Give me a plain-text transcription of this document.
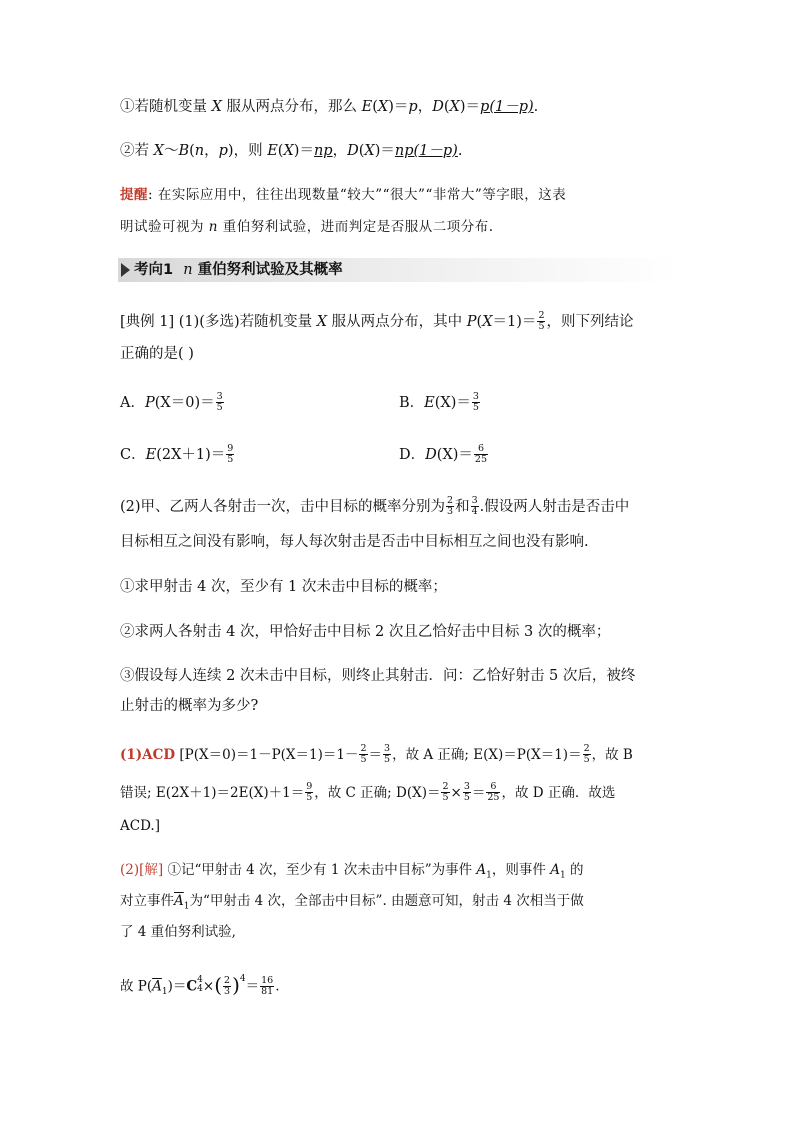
①若随机变量 X 服从两点分布，那么 E(X)＝p，D(X)＝p(1－p).
②若 X～B(n，p)，则 E(X)＝np，D(X)＝np(1－p).
提醒: 在实际应用中，往往出现数量“较大”“很大”“非常大”等字眼，这表
明试验可视为 n 重伯努利试验，进而判定是否服从二项分布.
考向1 n 重伯努利试验及其概率
[典例 1] (1)(多选)若随机变量 X 服从两点分布，其中 $P(X=1)= \frac{2}{5}$ ，则下列结论
正确的是( )
A．$P(X=0)= \frac{3}{5}$	B．$E(X)= \frac{3}{5}$
C．$E(2X+1)= \frac{9}{5}$	D．$D(X)= \frac{6}{25}$
(2)甲、乙两人各射击一次，击中目标的概率分别为 $\frac{2}{3}$ 和 $\frac{3}{4}$ .假设两人射击是否击中
目标相互之间没有影响，每人每次射击是否击中目标相互之间也没有影响.
①求甲射击 4 次，至少有 1 次未击中目标的概率；
②求两人各射击 4 次，甲恰好击中目标 2 次且乙恰好击中目标 3 次的概率；
③假设每人连续 2 次未击中目标，则终止其射击．问：乙恰好射击 5 次后，被终
止射击的概率为多少?
(1)ACD [$P(X=0)=1-P(X=1)=1- \frac{2}{5} = \frac{3}{5}$ ，故 A 正确; $E(X)=P(X=1)= \frac{2}{5}$ ，故 B
错误; $E(2X+1)=2E(X)+1= \frac{9}{5}$ ，故 C 正确; $D(X)= \frac{2}{5} \times \frac{3}{5} = \frac{6}{25}$ ，故 D 正确．故选
ACD.]
(2)[解] ①记“甲射击 4 次，至少有 1 次未击中目标”为事件 $A_1$，则事件 $A_1$ 的
对立事件$\overline{A}_1$为“甲射击 4 次，全部击中目标”. 由题意可知，射击 4 次相当于做
了 4 重伯努利试验,
故 $P(\overline{A}_1)=C$ 4
4 ×( $\frac{2}{3} )^4= \frac{16}{81}$ .
